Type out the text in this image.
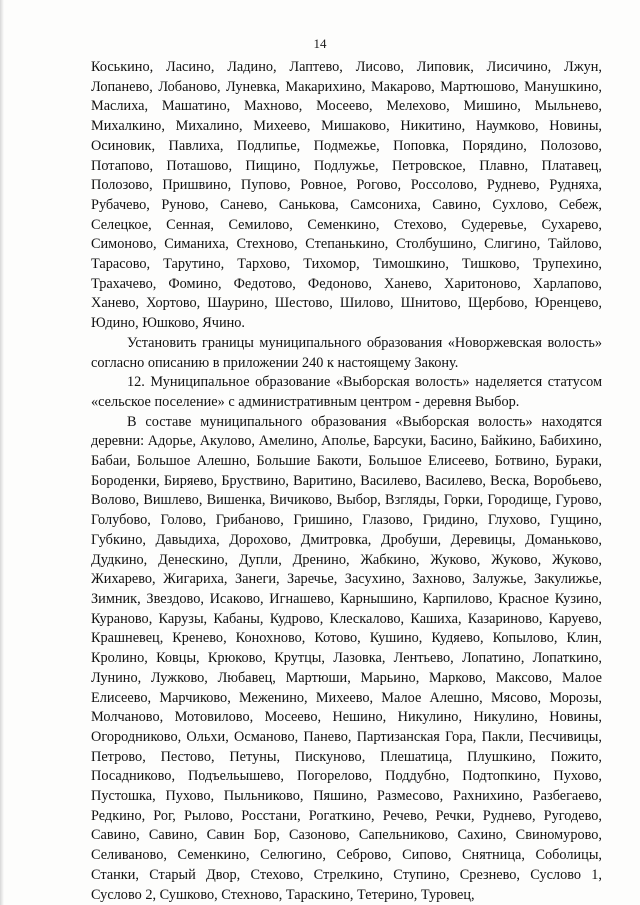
14

Коськино, Ласино, Ладино, Лаптево, Лисово, Липовик, Лисичино, Лжун, Лопанево, Лобаново, Луневка, Макарихино, Макарово, Мартюшово, Манушкино, Маслиха, Машатино, Махново, Мосеево, Мелехово, Мишино, Мыльнево, Михалкино, Михалино, Михеево, Мишаково, Никитино, Наумково, Новины, Осиновик, Павлиха, Подлипье, Подмежье, Поповка, Порядино, Полозово, Потапово, Поташово, Пищино, Подлужье, Петровское, Плавно, Платавец, Полозово, Пришвино, Пупово, Ровное, Рогово, Россолово, Руднево, Рудняха, Рубачево, Руново, Санево, Санькова, Самсониха, Савино, Сухлово, Себеж, Селецкое, Сенная, Семилово, Семенкино, Стехово, Судеревье, Сухарево, Симоново, Симаниха, Стехново, Степанькино, Столбушино, Слигино, Тайлово, Тарасово, Тарутино, Тархово, Тихомор, Тимошкино, Тишково, Трупехино, Трахачево, Фомино, Федотово, Федоново, Ханево, Харитоново, Харлапово, Ханево, Хортово, Шаурино, Шестово, Шилово, Шнитово, Щербово, Юренцево, Юдино, Юшково, Ячино.

Установить границы муниципального образования «Новоржевская волость» согласно описанию в приложении 240 к настоящему Закону.

12. Муниципальное образование «Выборская волость» наделяется статусом «сельское поселение» с административным центром - деревня Выбор.

В составе муниципального образования «Выборская волость» находятся деревни: Адорье, Акулово, Амелино, Аполье, Барсуки, Басино, Байкино, Бабихино, Бабаи, Большое Алешно, Большие Бакоти, Большое Елисеево, Ботвино, Бураки, Бороденки, Биряево, Бруствино, Варитино, Василево, Василево, Веска, Воробьево, Волово, Вишлево, Вишенка, Вичиково, Выбор, Взгляды, Горки, Городище, Гурово, Голубово, Голово, Грибаново, Гришино, Глазово, Гридино, Глухово, Гущино, Губкино, Давыдиха, Дорохово, Дмитровка, Дробуши, Деревицы, Доманьково, Дудкино, Денескино, Дупли, Дренино, Жабкино, Жуково, Жуково, Жуково, Жихарево, Жигариха, Занеги, Заречье, Засухино, Захново, Залужье, Закулижье, Зимник, Звездово, Исаково, Игнашево, Карнышино, Карпилово, Красное Кузино, Кураново, Карузы, Кабаны, Кудрово, Клескалово, Кашиха, Казариново, Каруево, Крашневец, Кренево, Конохново, Котово, Кушино, Кудяево, Копылово, Клин, Кролино, Ковцы, Крюково, Крутцы, Лазовка, Лентьево, Лопатино, Лопаткино, Лунино, Лужково, Любавец, Мартюши, Марьино, Марково, Максово, Малое Елисеево, Марчиково, Меженино, Михеево, Малое Алешно, Мясово, Морозы, Молчаново, Мотовилово, Мосеево, Нешино, Никулино, Никулино, Новины, Огородниково, Ольхи, Османово, Панево, Партизанская Гора, Пакли, Песчивицы, Петрово, Пестово, Петуны, Пискуново, Плешатица, Плушкино, Пожито, Посадниково, Подъельышево, Погорелово, Поддубно, Подтопкино, Пухово, Пустошка, Пухово, Пыльниково, Пяшино, Размесово, Рахнихино, Разбегаево, Редкино, Рог, Рылово, Росстани, Рогаткино, Речево, Речки, Руднево, Ругодево, Савино, Савино, Савин Бор, Сазоново, Сапельниково, Сахино, Свиномурово, Селиваново, Семенкино, Селюгино, Себрово, Сипово, Снятница, Соболицы, Станки, Старый Двор, Стехово, Стрелкино, Ступино, Срезнево, Суслово 1, Суслово 2, Сушково, Стехново, Тараскино, Тетерино, Туровец,
